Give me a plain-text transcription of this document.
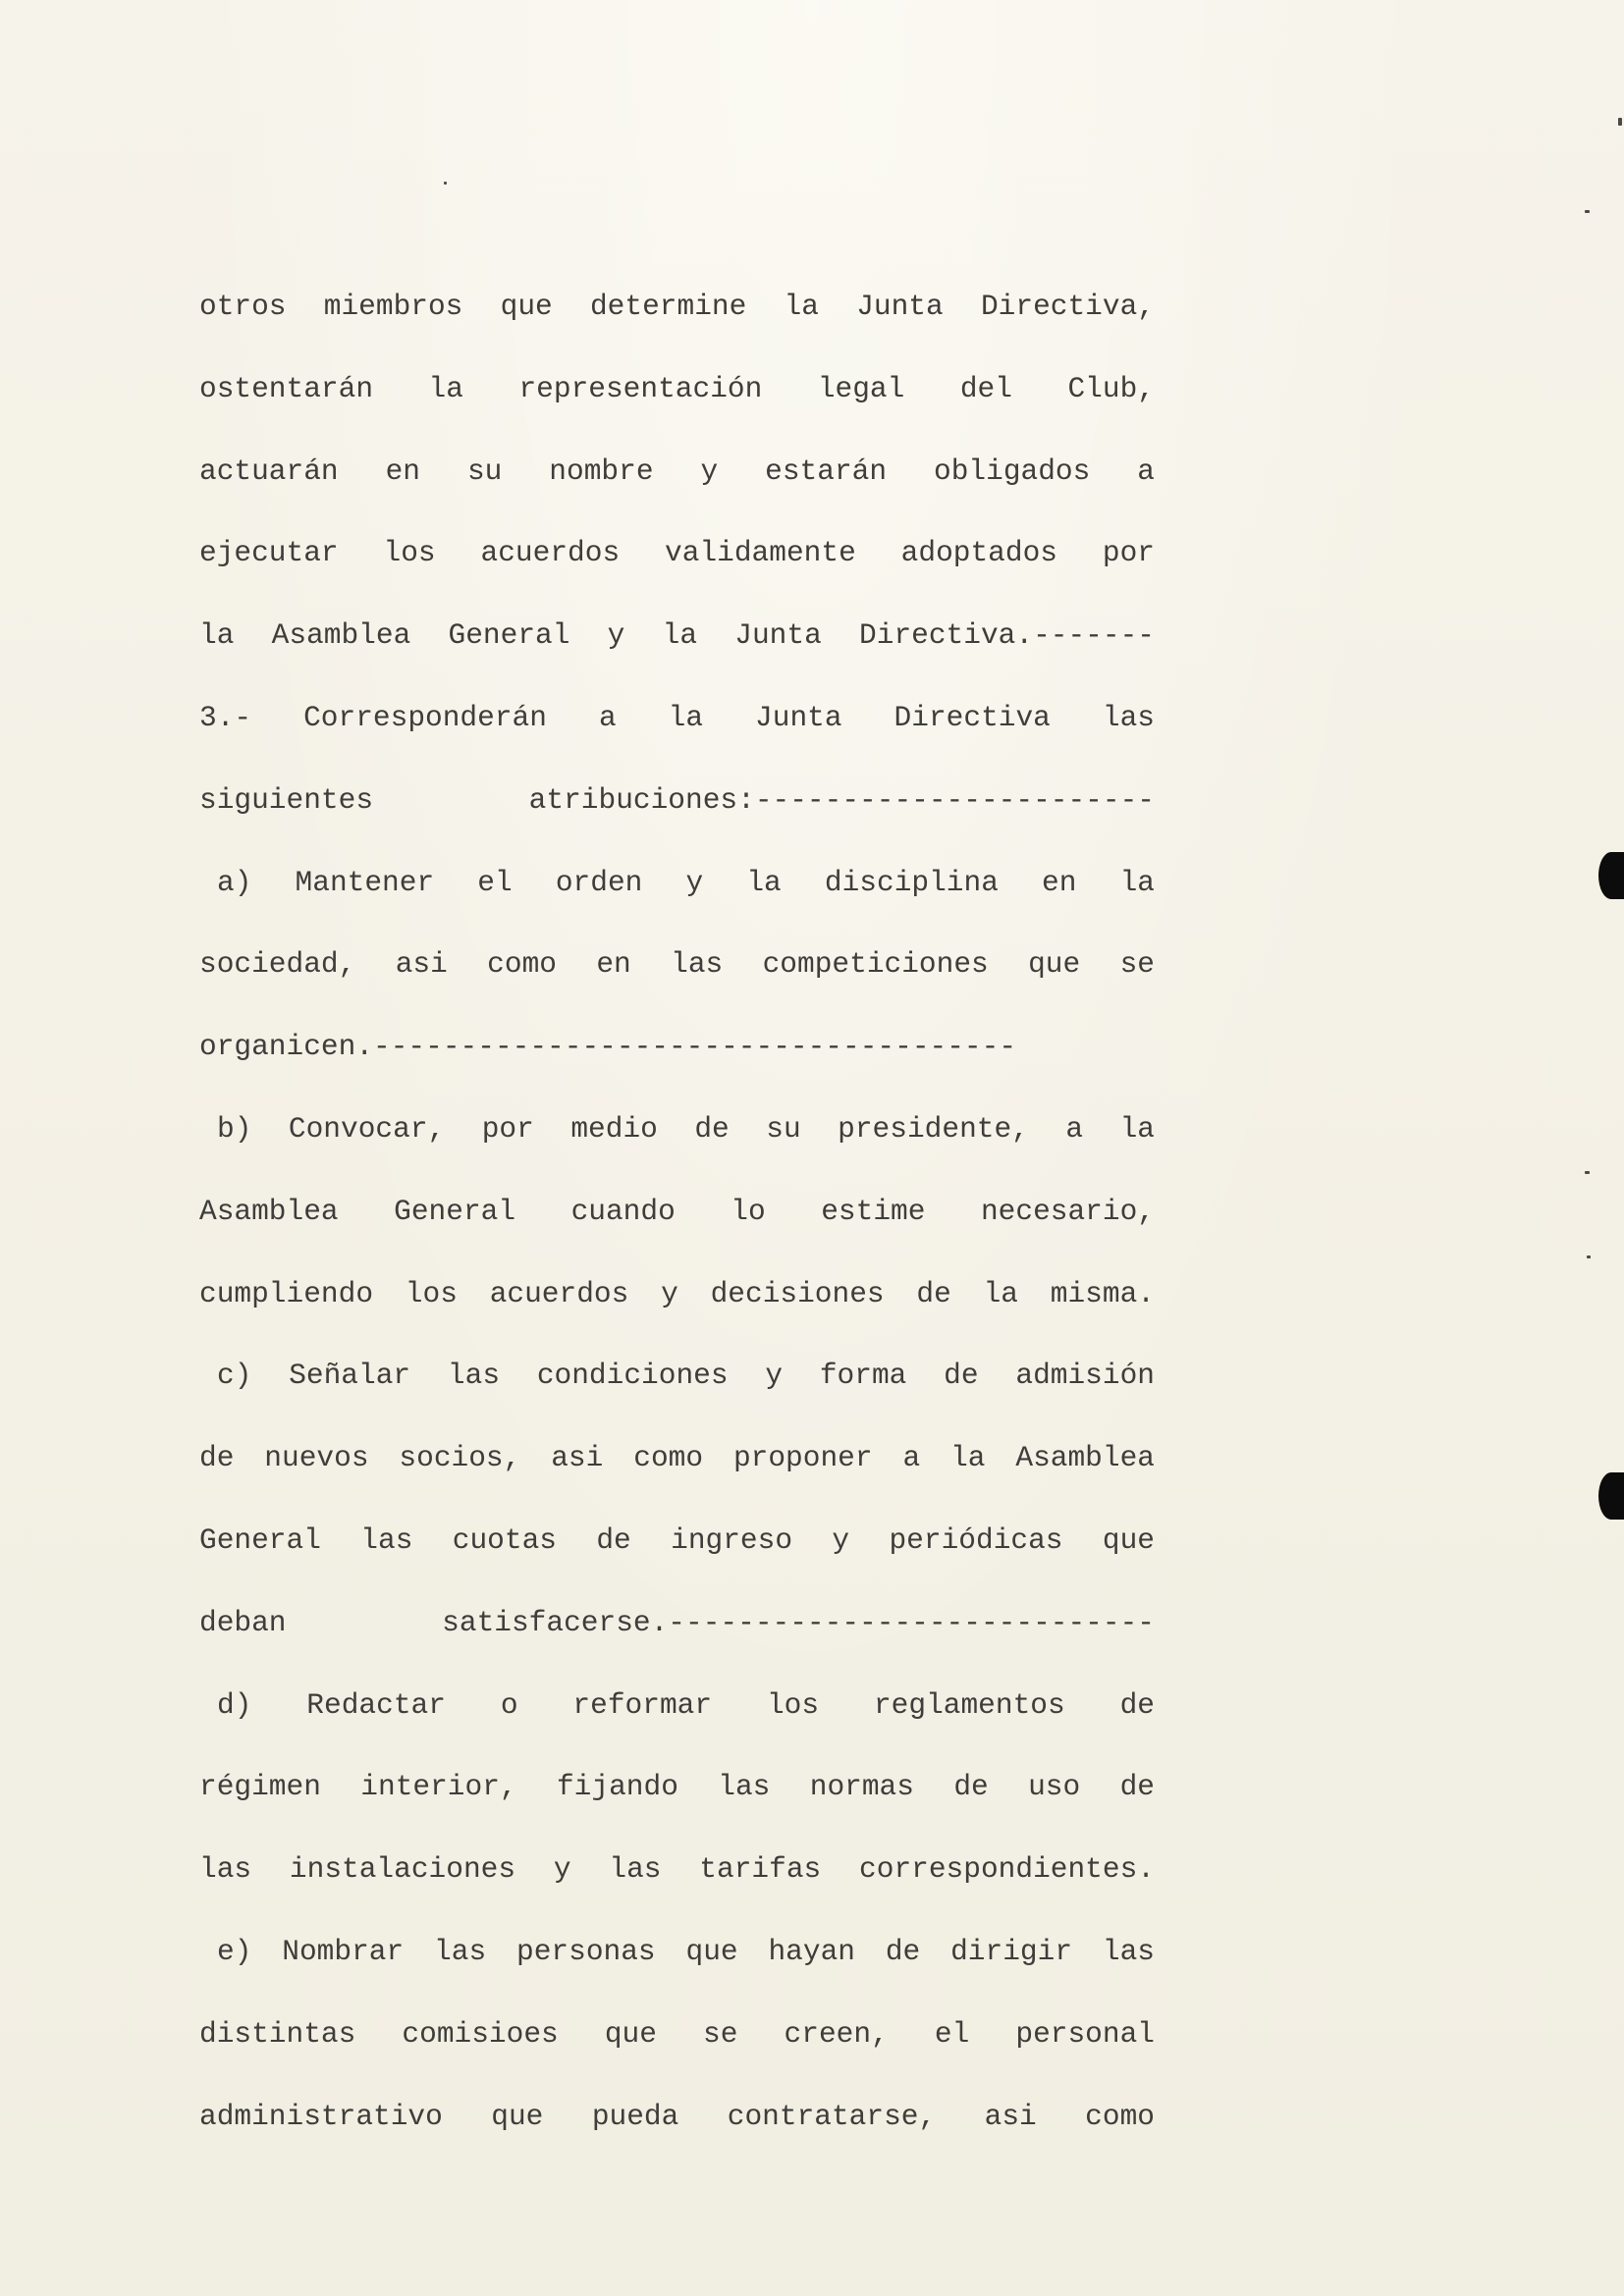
otros miembros que determine la Junta Directiva,
ostentarán la representación legal del Club,
actuarán en su nombre y estarán obligados a
ejecutar los acuerdos validamente adoptados por
la Asamblea General y la Junta Directiva.-------
3.- Corresponderán a la Junta Directiva las
siguientes atribuciones:-----------------------
a) Mantener el orden y la disciplina en la
sociedad, asi como en las competiciones que se
organicen.-------------------------------------
b) Convocar, por medio de su presidente, a la
Asamblea General cuando lo estime necesario,
cumpliendo los acuerdos y decisiones de la misma.
c) Señalar las condiciones y forma de admisión
de nuevos socios, asi como proponer a la Asamblea
General las cuotas de ingreso y periódicas que
deban satisfacerse.----------------------------
d) Redactar o reformar los reglamentos de
régimen interior, fijando las normas de uso de
las instalaciones y las tarifas correspondientes.
e) Nombrar las personas que hayan de dirigir las
distintas comisioes que se creen, el personal
administrativo que pueda contratarse, asi como
